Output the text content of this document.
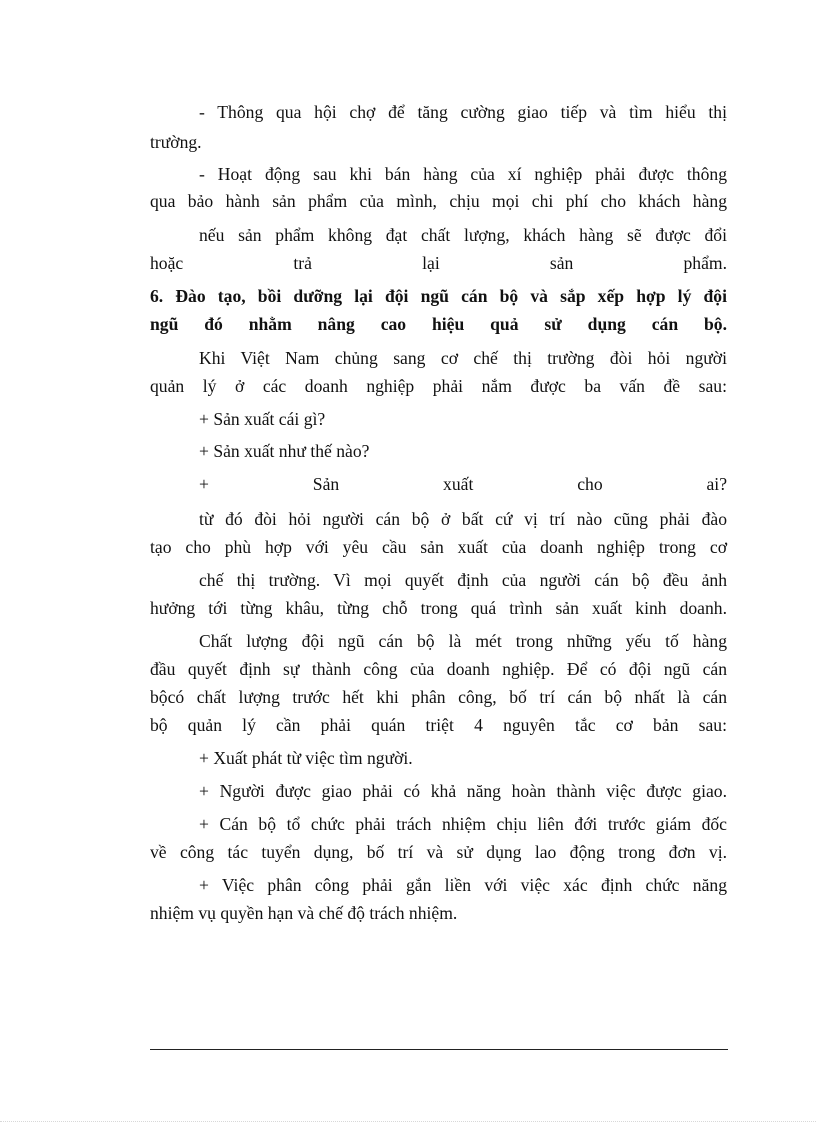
- Thông qua hội chợ để tăng cường giao tiếp và tìm hiểu thị

trường.

- Hoạt động sau khi bán hàng của xí nghiệp phải được thông

qua bảo hành sản phẩm của mình, chịu mọi chi phí cho khách hàng

nếu sản phẩm không đạt chất lượng, khách hàng sẽ được đổi

hoặc trả lại sản phẩm.

6. Đào tạo, bồi dưỡng lại đội ngũ cán bộ và sắp xếp hợp lý đội

ngũ đó nhằm nâng cao hiệu quả sử dụng cán bộ.

Khi Việt Nam chủng sang cơ chế thị trường đòi hỏi người

quản lý ở các doanh nghiệp phải nắm được ba vấn đề sau:

+ Sản xuất cái gì?

+ Sản xuất như thế nào?

+ Sản xuất cho ai?

từ đó đòi hỏi người cán bộ ở bất cứ vị trí nào cũng phải đào

tạo cho phù hợp với yêu cầu sản xuất của doanh nghiệp trong cơ

chế thị trường. Vì mọi quyết định của người cán bộ đều ảnh

hưởng tới từng khâu, từng chỗ trong quá trình sản xuất kinh doanh.

Chất lượng đội ngũ cán bộ là mét trong những yếu tố hàng

đầu quyết định sự thành công của doanh nghiệp. Để có đội ngũ cán

bộcó chất lượng trước hết khi phân công, bố trí cán bộ nhất là cán

bộ quản lý cần phải quán triệt 4 nguyên tắc cơ bản sau:

+ Xuất phát từ việc tìm người.

+ Người được giao phải có khả năng hoàn thành việc được giao.

+ Cán bộ tổ chức phải trách nhiệm chịu liên đới trước giám đốc

về công tác tuyển dụng, bố trí và sử dụng lao động trong đơn vị.

+ Việc phân công phải gắn liền với việc xác định chức năng

nhiệm vụ quyền hạn và chế độ trách nhiệm.
